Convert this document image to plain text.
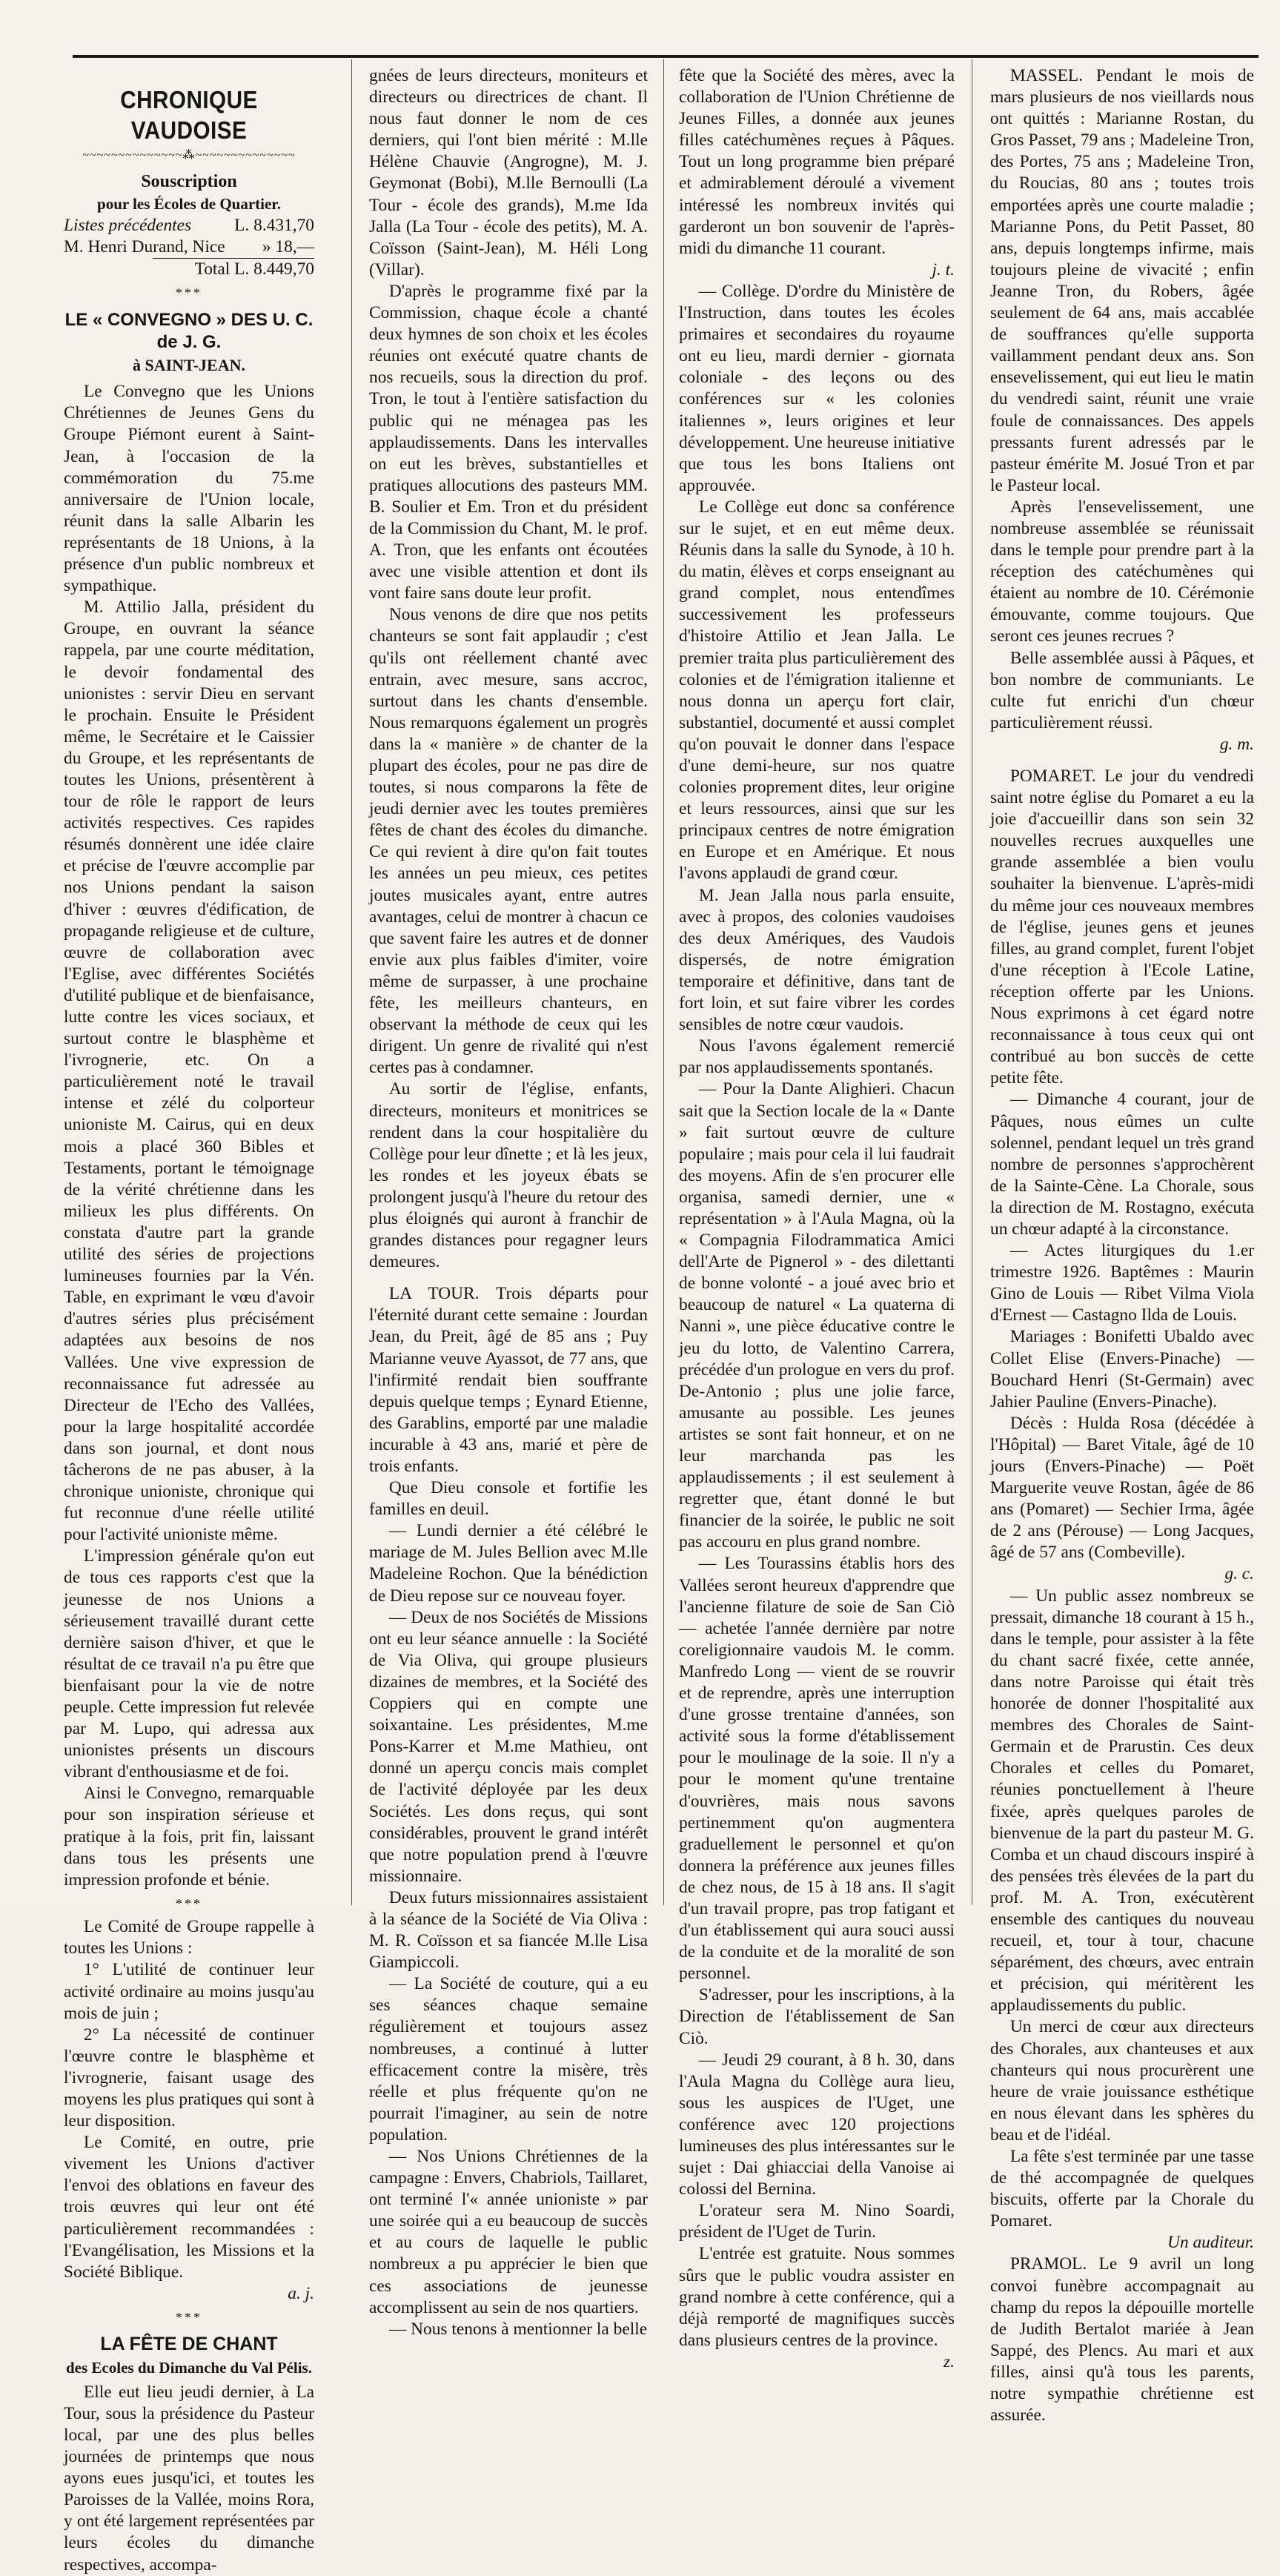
CHRONIQUE VAUDOISE
~~~~~~~~~~~~~~⁂~~~~~~~~~~~~~~
Souscription
pour les Écoles de Quartier.
Listes précédentes L. 8.431,70
M. Henri Durand, Nice » 18,—
Total L. 8.449,70
***
LE « CONVEGNO » DES U. C. de J. G.
à SAINT-JEAN.

Le Convegno que les Unions Chrétiennes de Jeunes Gens du Groupe Piémont eurent à Saint-Jean, à l'occasion de la commémoration du 75.me anniversaire de l'Union locale, réunit dans la salle Albarin les représentants de 18 Unions, à la présence d'un public nombreux et sympathique.

M. Attilio Jalla, président du Groupe, en ouvrant la séance rappela, par une courte méditation, le devoir fondamental des unionistes : servir Dieu en servant le prochain. Ensuite le Président même, le Secrétaire et le Caissier du Groupe, et les représentants de toutes les Unions, présentèrent à tour de rôle le rapport de leurs activités respectives. Ces rapides résumés donnèrent une idée claire et précise de l'œuvre accomplie par nos Unions pendant la saison d'hiver : œuvres d'édification, de propagande religieuse et de culture, œuvre de collaboration avec l'Eglise, avec différentes Sociétés d'utilité publique et de bienfaisance, lutte contre les vices sociaux, et surtout contre le blasphème et l'ivrognerie, etc. On a particulièrement noté le travail intense et zélé du colporteur unioniste M. Cairus, qui en deux mois a placé 360 Bibles et Testaments, portant le témoignage de la vérité chrétienne dans les milieux les plus différents. On constata d'autre part la grande utilité des séries de projections lumineuses fournies par la Vén. Table, en exprimant le vœu d'avoir d'autres séries plus précisément adaptées aux besoins de nos Vallées. Une vive expression de reconnaissance fut adressée au Directeur de l'Echo des Vallées, pour la large hospitalité accordée dans son journal, et dont nous tâcherons de ne pas abuser, à la chronique unioniste, chronique qui fut reconnue d'une réelle utilité pour l'activité unioniste même.

L'impression générale qu'on eut de tous ces rapports c'est que la jeunesse de nos Unions a sérieusement travaillé durant cette dernière saison d'hiver, et que le résultat de ce travail n'a pu être que bienfaisant pour la vie de notre peuple. Cette impression fut relevée par M. Lupo, qui adressa aux unionistes présents un discours vibrant d'enthousiasme et de foi.

Ainsi le Convegno, remarquable pour son inspiration sérieuse et pratique à la fois, prit fin, laissant dans tous les présents une impression profonde et bénie.

***

Le Comité de Groupe rappelle à toutes les Unions :

1° L'utilité de continuer leur activité ordinaire au moins jusqu'au mois de juin ;

2° La nécessité de continuer l'œuvre contre le blasphème et l'ivrognerie, faisant usage des moyens les plus pratiques qui sont à leur disposition.

Le Comité, en outre, prie vivement les Unions d'activer l'envoi des oblations en faveur des trois œuvres qui leur ont été particulièrement recommandées : l'Evangélisation, les Missions et la Société Biblique.

a. j.
***
LA FÊTE DE CHANT
des Ecoles du Dimanche du Val Pélis.

Elle eut lieu jeudi dernier, à La Tour, sous la présidence du Pasteur local, par une des plus belles journées de printemps que nous ayons eues jusqu'ici, et toutes les Paroisses de la Vallée, moins Rora, y ont été largement représentées par leurs écoles du dimanche respectives, accompa-

gnées de leurs directeurs, moniteurs et directeurs ou directrices de chant. Il nous faut donner le nom de ces derniers, qui l'ont bien mérité : M.lle Hélène Chauvie (Angrogne), M. J. Geymonat (Bobi), M.lle Bernoulli (La Tour - école des grands), M.me Ida Jalla (La Tour - école des petits), M. A. Coïsson (Saint-Jean), M. Héli Long (Villar).

D'après le programme fixé par la Commission, chaque école a chanté deux hymnes de son choix et les écoles réunies ont exécuté quatre chants de nos recueils, sous la direction du prof. Tron, le tout à l'entière satisfaction du public qui ne ménagea pas les applaudissements. Dans les intervalles on eut les brèves, substantielles et pratiques allocutions des pasteurs MM. B. Soulier et Em. Tron et du président de la Commission du Chant, M. le prof. A. Tron, que les enfants ont écoutées avec une visible attention et dont ils vont faire sans doute leur profit.

Nous venons de dire que nos petits chanteurs se sont fait applaudir ; c'est qu'ils ont réellement chanté avec entrain, avec mesure, sans accroc, surtout dans les chants d'ensemble. Nous remarquons également un progrès dans la « manière » de chanter de la plupart des écoles, pour ne pas dire de toutes, si nous comparons la fête de jeudi dernier avec les toutes premières fêtes de chant des écoles du dimanche. Ce qui revient à dire qu'on fait toutes les années un peu mieux, ces petites joutes musicales ayant, entre autres avantages, celui de montrer à chacun ce que savent faire les autres et de donner envie aux plus faibles d'imiter, voire même de surpasser, à une prochaine fête, les meilleurs chanteurs, en observant la méthode de ceux qui les dirigent. Un genre de rivalité qui n'est certes pas à condamner.

Au sortir de l'église, enfants, directeurs, moniteurs et monitrices se rendent dans la cour hospitalière du Collège pour leur dînette ; et là les jeux, les rondes et les joyeux ébats se prolongent jusqu'à l'heure du retour des plus éloignés qui auront à franchir de grandes distances pour regagner leurs demeures.

LA TOUR. Trois départs pour l'éternité durant cette semaine : Jourdan Jean, du Preit, âgé de 85 ans ; Puy Marianne veuve Ayassot, de 77 ans, que l'infirmité rendait bien souffrante depuis quelque temps ; Eynard Etienne, des Garablins, emporté par une maladie incurable à 43 ans, marié et père de trois enfants.

Que Dieu console et fortifie les familles en deuil.

— Lundi dernier a été célébré le mariage de M. Jules Bellion avec M.lle Madeleine Rochon. Que la bénédiction de Dieu repose sur ce nouveau foyer.

— Deux de nos Sociétés de Missions ont eu leur séance annuelle : la Société de Via Oliva, qui groupe plusieurs dizaines de membres, et la Société des Coppiers qui en compte une soixantaine. Les présidentes, M.me Pons-Karrer et M.me Mathieu, ont donné un aperçu concis mais complet de l'activité déployée par les deux Sociétés. Les dons reçus, qui sont considérables, prouvent le grand intérêt que notre population prend à l'œuvre missionnaire.

Deux futurs missionnaires assistaient à la séance de la Société de Via Oliva : M. R. Coïsson et sa fiancée M.lle Lisa Giampiccoli.

— La Société de couture, qui a eu ses séances chaque semaine régulièrement et toujours assez nombreuses, a continué à lutter efficacement contre la misère, très réelle et plus fréquente qu'on ne pourrait l'imaginer, au sein de notre population.

— Nos Unions Chrétiennes de la campagne : Envers, Chabriols, Taillaret, ont terminé l'« année unioniste » par une soirée qui a eu beaucoup de succès et au cours de laquelle le public nombreux a pu apprécier le bien que ces associations de jeunesse accomplissent au sein de nos quartiers.

— Nous tenons à mentionner la belle

fête que la Société des mères, avec la collaboration de l'Union Chrétienne de Jeunes Filles, a donnée aux jeunes filles catéchumènes reçues à Pâques. Tout un long programme bien préparé et admirablement déroulé a vivement intéressé les nombreux invités qui garderont un bon souvenir de l'après-midi du dimanche 11 courant.

j. t.

— Collège. D'ordre du Ministère de l'Instruction, dans toutes les écoles primaires et secondaires du royaume ont eu lieu, mardi dernier - giornata coloniale - des leçons ou des conférences sur « les colonies italiennes », leurs origines et leur développement. Une heureuse initiative que tous les bons Italiens ont approuvée.

Le Collège eut donc sa conférence sur le sujet, et en eut même deux. Réunis dans la salle du Synode, à 10 h. du matin, élèves et corps enseignant au grand complet, nous entendîmes successivement les professeurs d'histoire Attilio et Jean Jalla. Le premier traita plus particulièrement des colonies et de l'émigration italienne et nous donna un aperçu fort clair, substantiel, documenté et aussi complet qu'on pouvait le donner dans l'espace d'une demi-heure, sur nos quatre colonies proprement dites, leur origine et leurs ressources, ainsi que sur les principaux centres de notre émigration en Europe et en Amérique. Et nous l'avons applaudi de grand cœur.

M. Jean Jalla nous parla ensuite, avec à propos, des colonies vaudoises des deux Amériques, des Vaudois dispersés, de notre émigration temporaire et définitive, dans tant de fort loin, et sut faire vibrer les cordes sensibles de notre cœur vaudois.

Nous l'avons également remercié par nos applaudissements spontanés.

— Pour la Dante Alighieri. Chacun sait que la Section locale de la « Dante » fait surtout œuvre de culture populaire ; mais pour cela il lui faudrait des moyens. Afin de s'en procurer elle organisa, samedi dernier, une « représentation » à l'Aula Magna, où la « Compagnia Filodrammatica Amici dell'Arte de Pignerol » - des dilettanti de bonne volonté - a joué avec brio et beaucoup de naturel « La quaterna di Nanni », une pièce éducative contre le jeu du lotto, de Valentino Carrera, précédée d'un prologue en vers du prof. De-Antonio ; plus une jolie farce, amusante au possible. Les jeunes artistes se sont fait honneur, et on ne leur marchanda pas les applaudissements ; il est seulement à regretter que, étant donné le but financier de la soirée, le public ne soit pas accouru en plus grand nombre.

— Les Tourassins établis hors des Vallées seront heureux d'apprendre que l'ancienne filature de soie de San Ciò — achetée l'année dernière par notre coreligionnaire vaudois M. le comm. Manfredo Long — vient de se rouvrir et de reprendre, après une interruption d'une grosse trentaine d'années, son activité sous la forme d'établissement pour le moulinage de la soie. Il n'y a pour le moment qu'une trentaine d'ouvrières, mais nous savons pertinemment qu'on augmentera graduellement le personnel et qu'on donnera la préférence aux jeunes filles de chez nous, de 15 à 18 ans. Il s'agit d'un travail propre, pas trop fatigant et d'un établissement qui aura souci aussi de la conduite et de la moralité de son personnel.

S'adresser, pour les inscriptions, à la Direction de l'établissement de San Ciò.

— Jeudi 29 courant, à 8 h. 30, dans l'Aula Magna du Collège aura lieu, sous les auspices de l'Uget, une conférence avec 120 projections lumineuses des plus intéressantes sur le sujet : Dai ghiacciai della Vanoise ai colossi del Bernina.

L'orateur sera M. Nino Soardi, président de l'Uget de Turin.

L'entrée est gratuite. Nous sommes sûrs que le public voudra assister en grand nombre à cette conférence, qui a déjà remporté de magnifiques succès dans plusieurs centres de la province.

z.

MASSEL. Pendant le mois de mars plusieurs de nos vieillards nous ont quittés : Marianne Rostan, du Gros Passet, 79 ans ; Madeleine Tron, des Portes, 75 ans ; Madeleine Tron, du Roucias, 80 ans ; toutes trois emportées après une courte maladie ; Marianne Pons, du Petit Passet, 80 ans, depuis longtemps infirme, mais toujours pleine de vivacité ; enfin Jeanne Tron, du Robers, âgée seulement de 64 ans, mais accablée de souffrances qu'elle supporta vaillamment pendant deux ans. Son ensevelissement, qui eut lieu le matin du vendredi saint, réunit une vraie foule de connaissances. Des appels pressants furent adressés par le pasteur émérite M. Josué Tron et par le Pasteur local.

Après l'ensevelissement, une nombreuse assemblée se réunissait dans le temple pour prendre part à la réception des catéchumènes qui étaient au nombre de 10. Cérémonie émouvante, comme toujours. Que seront ces jeunes recrues ?

Belle assemblée aussi à Pâques, et bon nombre de communiants. Le culte fut enrichi d'un chœur particulièrement réussi.

g. m.

POMARET. Le jour du vendredi saint notre église du Pomaret a eu la joie d'accueillir dans son sein 32 nouvelles recrues auxquelles une grande assemblée a bien voulu souhaiter la bienvenue. L'après-midi du même jour ces nouveaux membres de l'église, jeunes gens et jeunes filles, au grand complet, furent l'objet d'une réception à l'Ecole Latine, réception offerte par les Unions. Nous exprimons à cet égard notre reconnaissance à tous ceux qui ont contribué au bon succès de cette petite fête.

— Dimanche 4 courant, jour de Pâques, nous eûmes un culte solennel, pendant lequel un très grand nombre de personnes s'approchèrent de la Sainte-Cène. La Chorale, sous la direction de M. Rostagno, exécuta un chœur adapté à la circonstance.

— Actes liturgiques du 1.er trimestre 1926. Baptêmes : Maurin Gino de Louis — Ribet Vilma Viola d'Ernest — Castagno Ilda de Louis.

Mariages : Bonifetti Ubaldo avec Collet Elise (Envers-Pinache) — Bouchard Henri (St-Germain) avec Jahier Pauline (Envers-Pinache).

Décès : Hulda Rosa (décédée à l'Hôpital) — Baret Vitale, âgé de 10 jours (Envers-Pinache) — Poët Marguerite veuve Rostan, âgée de 86 ans (Pomaret) — Sechier Irma, âgée de 2 ans (Pérouse) — Long Jacques, âgé de 57 ans (Combeville).

g. c.

— Un public assez nombreux se pressait, dimanche 18 courant à 15 h., dans le temple, pour assister à la fête du chant sacré fixée, cette année, dans notre Paroisse qui était très honorée de donner l'hospitalité aux membres des Chorales de Saint-Germain et de Prarustin. Ces deux Chorales et celles du Pomaret, réunies ponctuellement à l'heure fixée, après quelques paroles de bienvenue de la part du pasteur M. G. Comba et un chaud discours inspiré à des pensées très élevées de la part du prof. M. A. Tron, exécutèrent ensemble des cantiques du nouveau recueil, et, tour à tour, chacune séparément, des chœurs, avec entrain et précision, qui méritèrent les applaudissements du public.

Un merci de cœur aux directeurs des Chorales, aux chanteuses et aux chanteurs qui nous procurèrent une heure de vraie jouissance esthétique en nous élevant dans les sphères du beau et de l'idéal.

La fête s'est terminée par une tasse de thé accompagnée de quelques biscuits, offerte par la Chorale du Pomaret.

Un auditeur.

PRAMOL. Le 9 avril un long convoi funèbre accompagnait au champ du repos la dépouille mortelle de Judith Bertalot mariée à Jean Sappé, des Plencs. Au mari et aux filles, ainsi qu'à tous les parents, notre sympathie chrétienne est assurée.
